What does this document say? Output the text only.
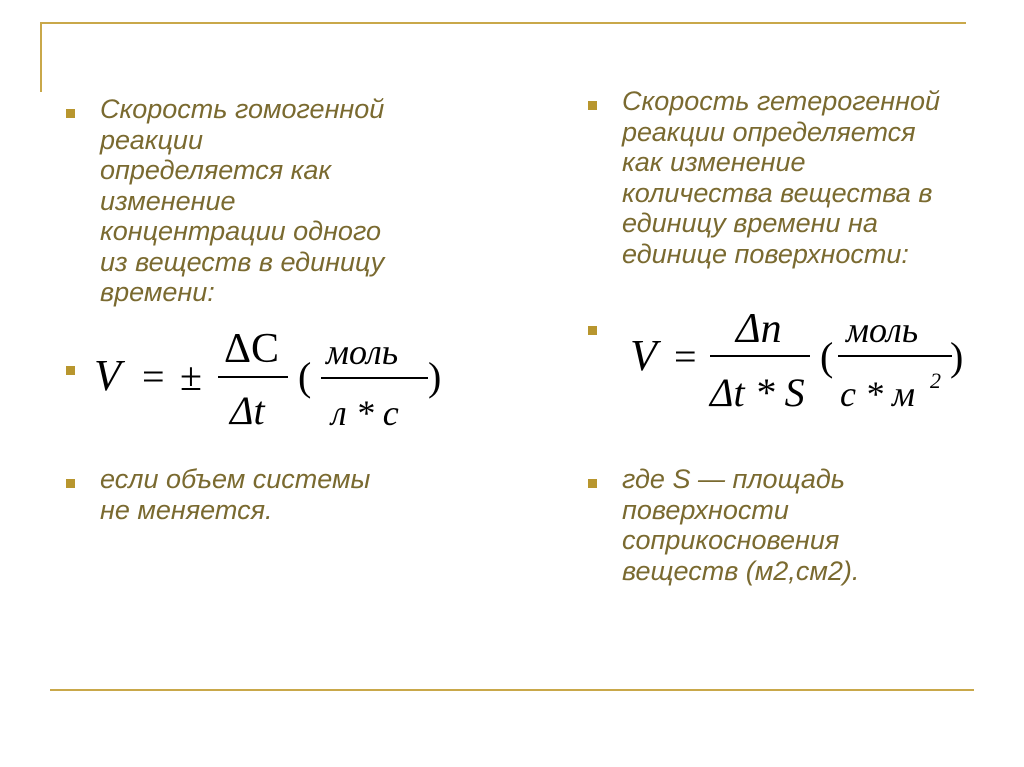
Скорость гомогенной
реакции
определяется как
изменение
концентрации одного
из веществ в единицу
времени:
V = ±
ΔC
Δt
(
моль
л * с
)
если объем системы
не меняется.
Скорость гетерогенной
реакции определяется
как изменение
количества вещества в
единицу времени на
единице поверхности:
V =
Δn
Δt * S
(
моль
с * м 2
)
где S — площадь
поверхности
соприкосновения
веществ (м2,см2).
